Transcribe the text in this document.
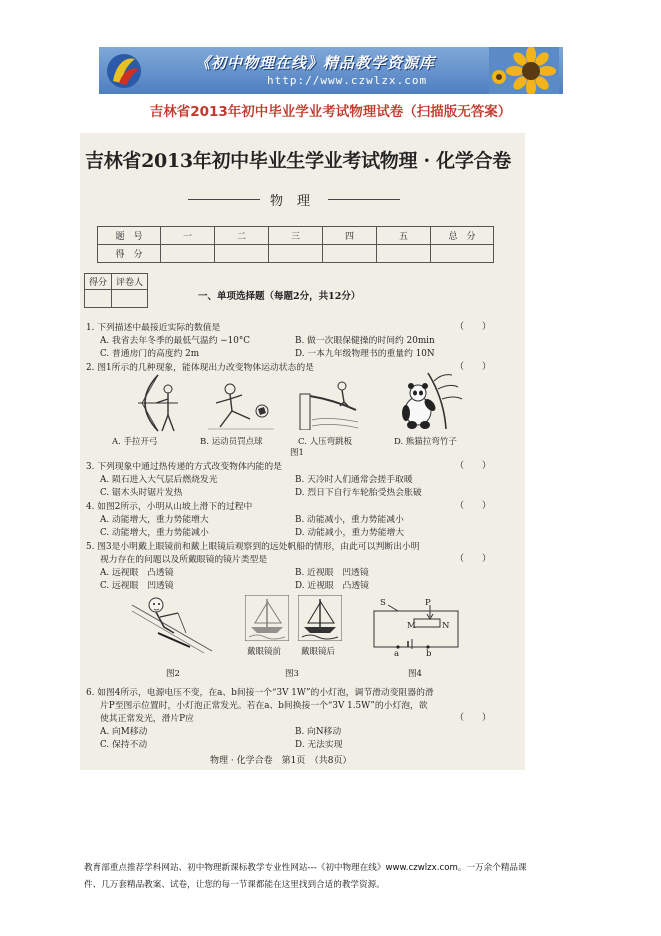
《初中物理在线》精品教学资源库
http://www.czwlzx.com
吉林省2013年初中毕业学业考试物理试卷（扫描版无答案）
吉林省2013年初中毕业生学业考试物理 · 化学合卷
物理
题　号	一	二	三	四	五	总　分
得　分						
得分	评卷人

一、单项选择题（每题2分，共12分）
1. 下列描述中最接近实际的数值是	（　　）
A. 我省去年冬季的最低气温约 −10°C	B. 做一次眼保健操的时间约 20min
C. 普通房门的高度约 2m	D. 一本九年级物理书的重量约 10N
2. 图1所示的几种现象，能体现出力改变物体运动状态的是	（　　）
A. 手拉开弓	B. 运动员罚点球	C. 人压弯跳板	D. 熊猫拉弯竹子
图1
3. 下列现象中通过热传递的方式改变物体内能的是	（　　）
A. 陨石进入大气层后燃烧发光	B. 天冷时人们通常会搓手取暖
C. 锯木头时锯片发热	D. 烈日下自行车轮胎受热会胀破
4. 如图2所示，小明从山坡上滑下的过程中	（　　）
A. 动能增大，重力势能增大	B. 动能减小，重力势能减小
C. 动能增大，重力势能减小	D. 动能减小，重力势能增大
5. 图3是小明戴上眼镜前和戴上眼镜后观察到的远处帆船的情形，由此可以判断出小明
视力存在的问题以及所戴眼镜的镜片类型是	（　　）
A. 远视眼　凸透镜	B. 近视眼　凹透镜
C. 远视眼　凹透镜	D. 近视眼　凸透镜
图2
戴眼镜前 戴眼镜后
图3
S	P
M	N
a	b
图4
6. 如图4所示，电源电压不变，在a、b间接一个“3V 1W”的小灯泡，调节滑动变阻器的滑
片P至图示位置时，小灯泡正常发光。若在a、b间换接一个“3V 1.5W”的小灯泡，欲
使其正常发光，滑片P应	（　　）
A. 向M移动	B. 向N移动
C. 保持不动	D. 无法实现
物理 · 化学合卷　第1页　（共8页）
教育部重点推荐学科网站、初中物理新课标教学专业性网站---《初中物理在线》www.czwlzx.com。一万余个精品课
件、几万套精品教案、试卷，让您的每一节课都能在这里找到合适的教学资源。
